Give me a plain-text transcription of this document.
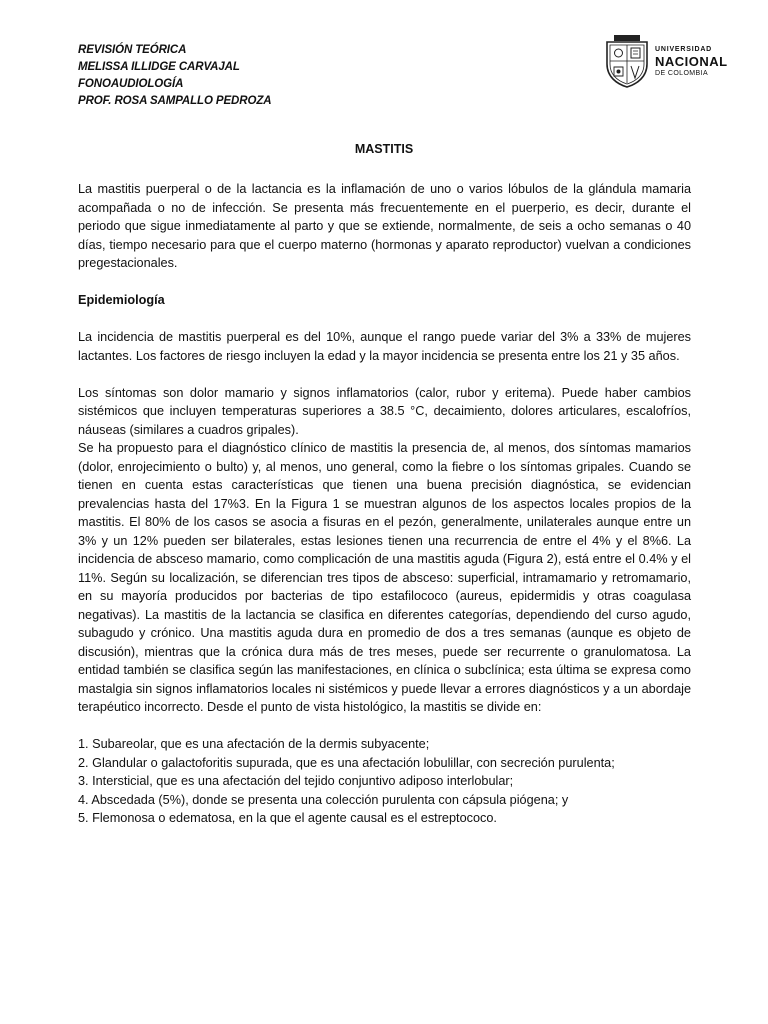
REVISIÓN TEÓRICA
MELISSA ILLIDGE CARVAJAL
FONOAUDIOLOGÍA
PROF. ROSA SAMPALLO PEDROZA
UNIVERSIDAD
NACIONAL
DE COLOMBIA
MASTITIS

La mastitis puerperal o de la lactancia es la inflamación de uno o varios lóbulos de la glándula mamaria acompañada o no de infección. Se presenta más frecuentemente en el puerperio, es decir, durante el periodo que sigue inmediatamente al parto y que se extiende, normalmente, de seis a ocho semanas o 40 días, tiempo necesario para que el cuerpo materno (hormonas y aparato reproductor) vuelvan a condiciones pregestacionales.

Epidemiología

La incidencia de mastitis puerperal es del 10%, aunque el rango puede variar del 3% a 33% de mujeres lactantes. Los factores de riesgo incluyen la edad y la mayor incidencia se presenta entre los 21 y 35 años.

Los síntomas son dolor mamario y signos inflamatorios (calor, rubor y eritema). Puede haber cambios sistémicos que incluyen temperaturas superiores a 38.5 °C, decaimiento, dolores articulares, escalofríos, náuseas (similares a cuadros gripales).

Se ha propuesto para el diagnóstico clínico de mastitis la presencia de, al menos, dos síntomas mamarios (dolor, enrojecimiento o bulto) y, al menos, uno general, como la fiebre o los síntomas gripales. Cuando se tienen en cuenta estas características que tienen una buena precisión diagnóstica, se evidencian prevalencias hasta del 17%3. En la Figura 1 se muestran algunos de los aspectos locales propios de la mastitis. El 80% de los casos se asocia a fisuras en el pezón, generalmente, unilaterales aunque entre un 3% y un 12% pueden ser bilaterales, estas lesiones tienen una recurrencia de entre el 4% y el 8%6. La incidencia de absceso mamario, como complicación de una mastitis aguda (Figura 2), está entre el 0.4% y el 11%. Según su localización, se diferencian tres tipos de absceso: superficial, intramamario y retromamario, en su mayoría producidos por bacterias de tipo estafilococo (aureus, epidermidis y otras coagulasa negativas). La mastitis de la lactancia se clasifica en diferentes categorías, dependiendo del curso agudo, subagudo y crónico. Una mastitis aguda dura en promedio de dos a tres semanas (aunque es objeto de discusión), mientras que la crónica dura más de tres meses, puede ser recurrente o granulomatosa. La entidad también se clasifica según las manifestaciones, en clínica o subclínica; esta última se expresa como mastalgia sin signos inflamatorios locales ni sistémicos y puede llevar a errores diagnósticos y a un abordaje terapéutico incorrecto. Desde el punto de vista histológico, la mastitis se divide en:

1. Subareolar, que es una afectación de la dermis subyacente;
2. Glandular o galactoforitis supurada, que es una afectación lobulillar, con secreción purulenta;
3. Intersticial, que es una afectación del tejido conjuntivo adiposo interlobular;
4. Abscedada (5%), donde se presenta una colección purulenta con cápsula piógena; y
5. Flemonosa o edematosa, en la que el agente causal es el estreptococo.
